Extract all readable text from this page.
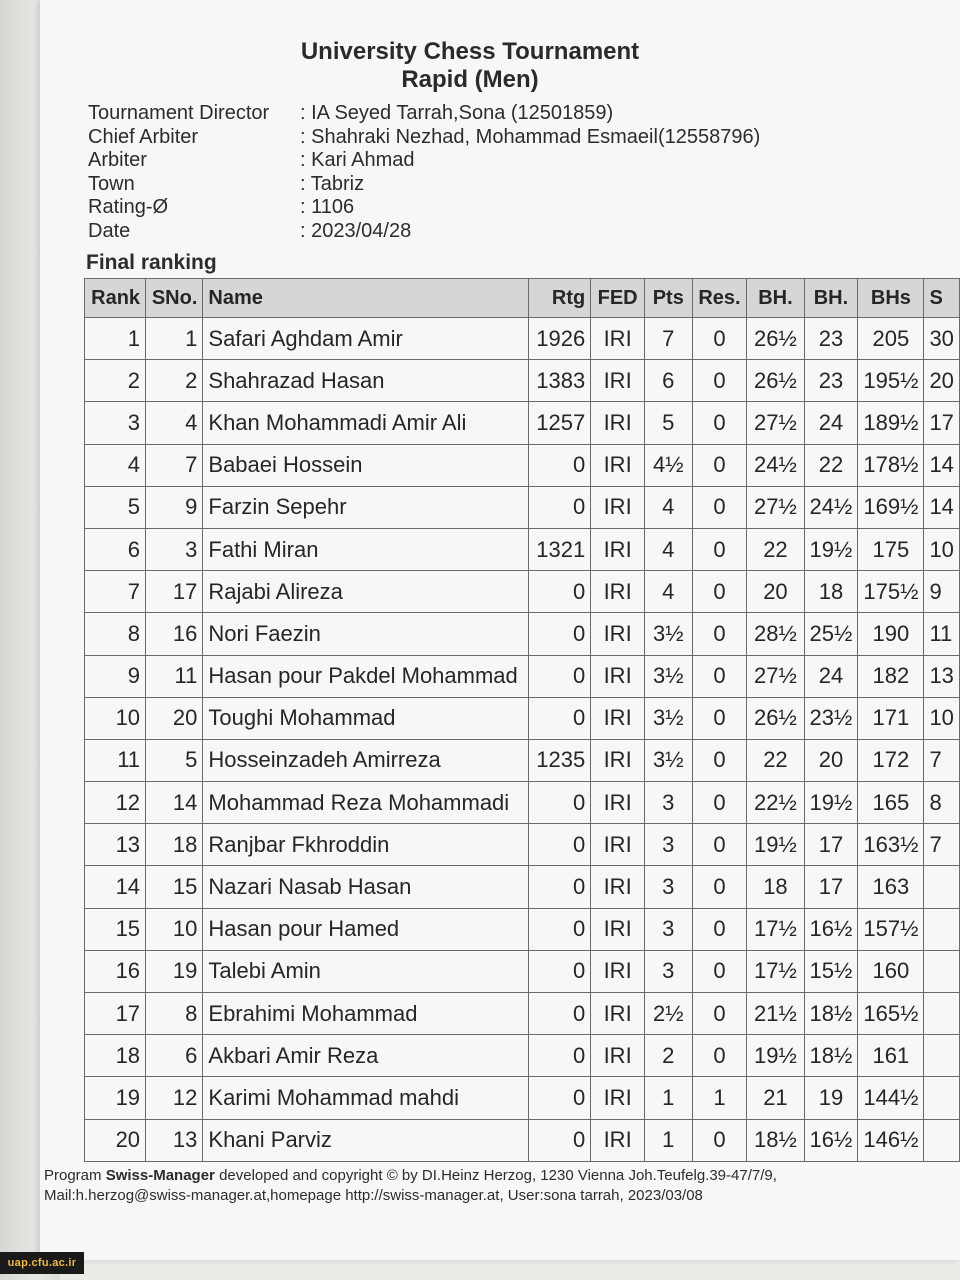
University Chess Tournament
Rapid (Men)
Tournament Director	: IA Seyed Tarrah,Sona (12501859)
Chief Arbiter	: Shahraki Nezhad, Mohammad Esmaeil(12558796)
Arbiter	: Kari Ahmad
Town	: Tabriz
Rating-Ø	: 1106
Date	: 2023/04/28
Final ranking
Rank	SNo.	Name	Rtg	FED	Pts	Res.	BH.	BH.	BHs	S
1	1	Safari Aghdam Amir	1926	IRI	7	0	26½	23	205	30
2	2	Shahrazad Hasan	1383	IRI	6	0	26½	23	195½	20
3	4	Khan Mohammadi Amir Ali	1257	IRI	5	0	27½	24	189½	17
4	7	Babaei Hossein	0	IRI	4½	0	24½	22	178½	14
5	9	Farzin Sepehr	0	IRI	4	0	27½	24½	169½	14
6	3	Fathi Miran	1321	IRI	4	0	22	19½	175	10
7	17	Rajabi Alireza	0	IRI	4	0	20	18	175½	9
8	16	Nori Faezin	0	IRI	3½	0	28½	25½	190	11
9	11	Hasan pour Pakdel Mohammad	0	IRI	3½	0	27½	24	182	13
10	20	Toughi Mohammad	0	IRI	3½	0	26½	23½	171	10
11	5	Hosseinzadeh Amirreza	1235	IRI	3½	0	22	20	172	7
12	14	Mohammad Reza Mohammadi	0	IRI	3	0	22½	19½	165	8
13	18	Ranjbar Fkhroddin	0	IRI	3	0	19½	17	163½	7
14	15	Nazari Nasab Hasan	0	IRI	3	0	18	17	163	
15	10	Hasan pour Hamed	0	IRI	3	0	17½	16½	157½	
16	19	Talebi Amin	0	IRI	3	0	17½	15½	160	
17	8	Ebrahimi Mohammad	0	IRI	2½	0	21½	18½	165½	
18	6	Akbari Amir Reza	0	IRI	2	0	19½	18½	161	
19	12	Karimi Mohammad mahdi	0	IRI	1	1	21	19	144½	
20	13	Khani Parviz	0	IRI	1	0	18½	16½	146½	
Program Swiss-Manager developed and copyright © by DI.Heinz Herzog, 1230 Vienna Joh.Teufelg.39-47/7/9,
Mail:h.herzog@swiss-manager.at,homepage http://swiss-manager.at, User:sona tarrah, 2023/03/08
uap.cfu.ac.ir
